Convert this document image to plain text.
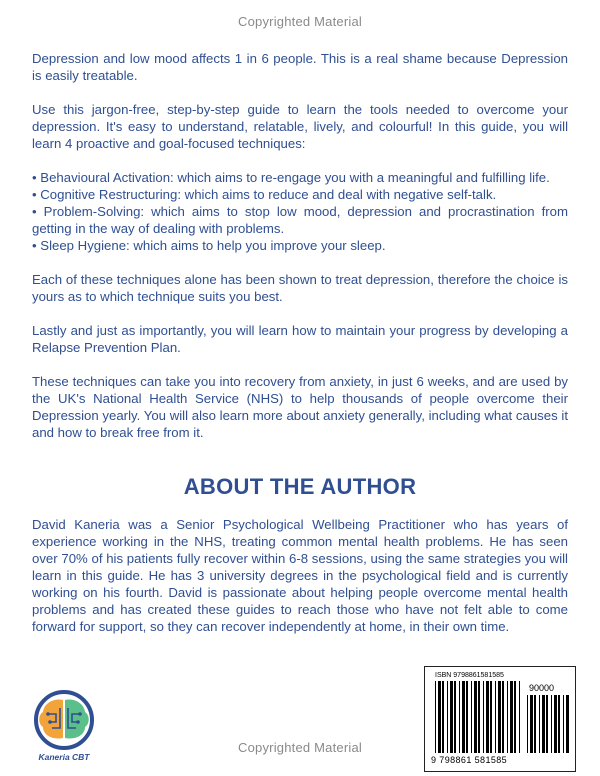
Copyrighted Material

Depression and low mood affects 1 in 6 people. This is a real shame because Depression is easily treatable.

Use this jargon-free, step-by-step guide to learn the tools needed to overcome your depression. It's easy to understand, relatable, lively, and colourful! In this guide, you will learn 4 proactive and goal-focused techniques:

• Behavioural Activation: which aims to re-engage you with a meaningful and fulfilling life.
• Cognitive Restructuring: which aims to reduce and deal with negative self-talk.
• Problem-Solving: which aims to stop low mood, depression and procrastination from getting in the way of dealing with problems.
• Sleep Hygiene: which aims to help you improve your sleep.

Each of these techniques alone has been shown to treat depression, therefore the choice is yours as to which technique suits you best.

Lastly and just as importantly, you will learn how to maintain your progress by developing a Relapse Prevention Plan.

These techniques can take you into recovery from anxiety, in just 6 weeks, and are used by the UK's National Health Service (NHS) to help thousands of people overcome their Depression yearly. You will also learn more about anxiety generally, including what causes it and how to break free from it.

ABOUT THE AUTHOR

David Kaneria was a Senior Psychological Wellbeing Practitioner who has years of experience working in the NHS, treating common mental health problems. He has seen over 70% of his patients fully recover within 6-8 sessions, using the same strategies you will learn in this guide. He has 3 university degrees in the psychological field and is currently working on his fourth. David is passionate about helping people overcome mental health problems and has created these guides to reach those who have not felt able to come forward for support, so they can recover independently at home, in their own time.

Kaneria CBT
ISBN 9798861581585
90000
9 798861 581585
Copyrighted Material
